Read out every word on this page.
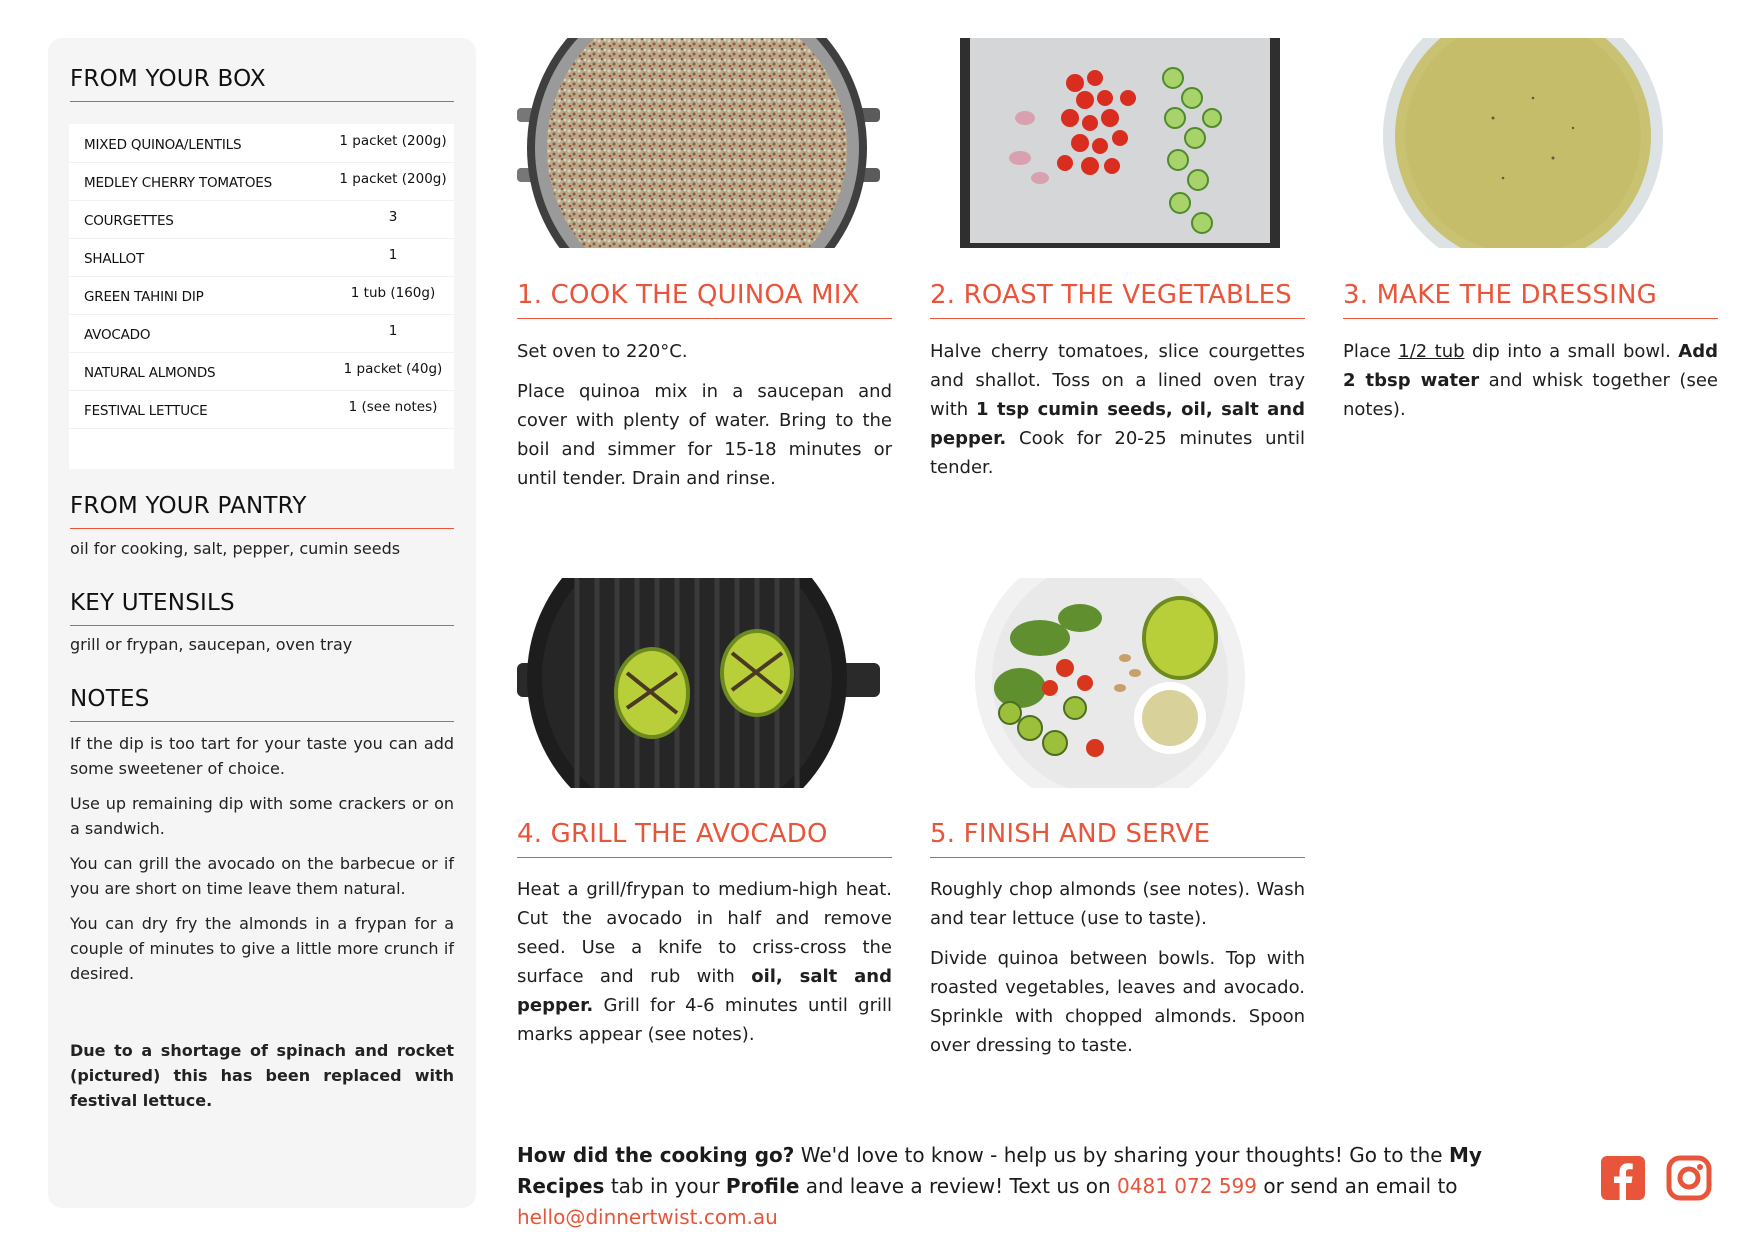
FROM YOUR BOX
MIXED QUINOA/LENTILS	1 packet (200g)
MEDLEY CHERRY TOMATOES	1 packet (200g)
COURGETTES	3
SHALLOT	1
GREEN TAHINI DIP	1 tub (160g)
AVOCADO	1
NATURAL ALMONDS	1 packet (40g)
FESTIVAL LETTUCE	1 (see notes)
FROM YOUR PANTRY
oil for cooking, salt, pepper, cumin seeds
KEY UTENSILS
grill or frypan, saucepan, oven tray
NOTES

If the dip is too tart for your taste you can add some sweetener of choice.

Use up remaining dip with some crackers or on a sandwich.

You can grill the avocado on the barbecue or if you are short on time leave them natural.

You can dry fry the almonds in a frypan for a couple of minutes to give a little more crunch if desired.

Due to a shortage of spinach and rocket (pictured) this has been replaced with festival lettuce.
1. COOK THE QUINOA MIX

Set oven to 220°C.

Place quinoa mix in a saucepan and cover with plenty of water. Bring to the boil and simmer for 15-18 minutes or until tender. Drain and rinse.

2. ROAST THE VEGETABLES

Halve cherry tomatoes, slice courgettes and shallot. Toss on a lined oven tray with 1 tsp cumin seeds, oil, salt and pepper. Cook for 20-25 minutes until tender.

3. MAKE THE DRESSING

Place 1/2 tub dip into a small bowl. Add 2 tbsp water and whisk together (see notes).

4. GRILL THE AVOCADO

Heat a grill/frypan to medium-high heat. Cut the avocado in half and remove seed. Use a knife to criss-cross the surface and rub with oil, salt and pepper. Grill for 4-6 minutes until grill marks appear (see notes).

5. FINISH AND SERVE

Roughly chop almonds (see notes). Wash and tear lettuce (use to taste).

Divide quinoa between bowls. Top with roasted vegetables, leaves and avocado. Sprinkle with chopped almonds. Spoon over dressing to taste.

How did the cooking go? We'd love to know - help us by sharing your thoughts! Go to the My Recipes tab in your Profile and leave a review! Text us on 0481 072 599 or send an email to hello@dinnertwist.com.au
